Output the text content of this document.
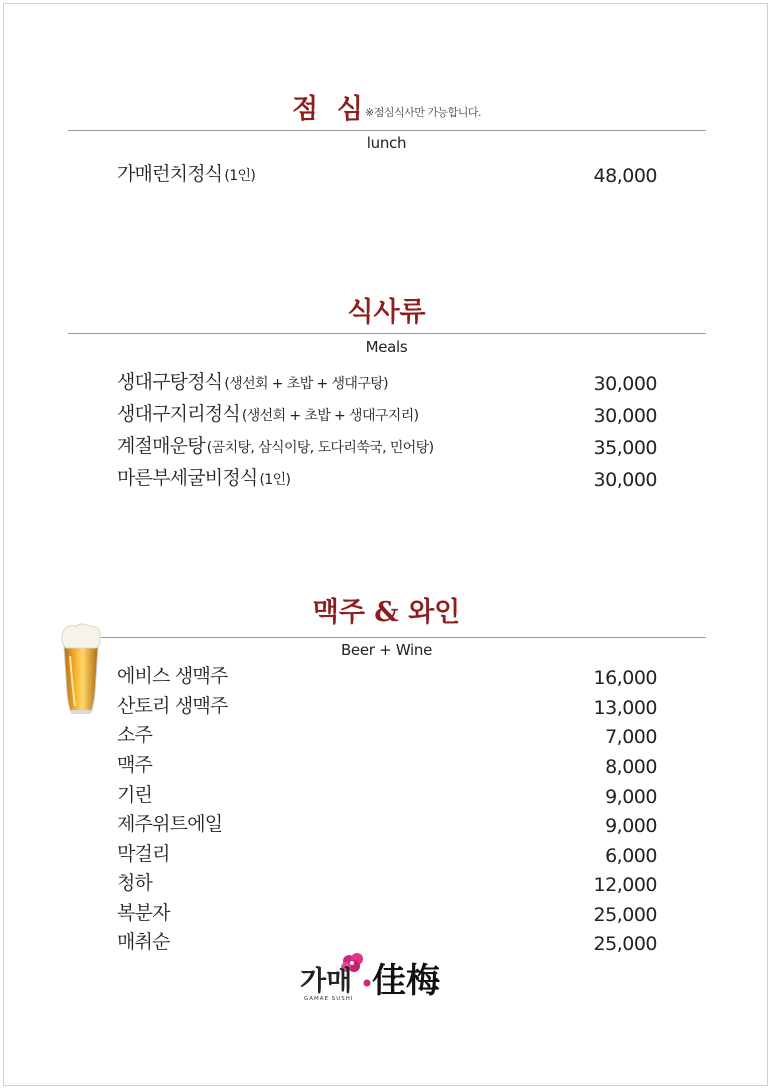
점  심 ※점심식사만 가능합니다.
lunch
가매런치정식 (1인)	48,000
식사류
Meals
생대구탕정식 (생선회 + 초밥 + 생대구탕)	30,000
생대구지리정식 (생선회 + 초밥 + 생대구지리)	30,000
계절매운탕 (곰치탕, 삼식이탕, 도다리쑥국, 민어탕)	35,000
마른부세굴비정식 (1인)	30,000
맥주 & 와인
Beer + Wine
에비스 생맥주	16,000
산토리 생맥주	13,000
소주	7,000
맥주	8,000
기린	9,000
제주위트에일	9,000
막걸리	6,000
청하	12,000
복분자	25,000
매취순	25,000
가매 佳梅
GAMAE SUSHI
